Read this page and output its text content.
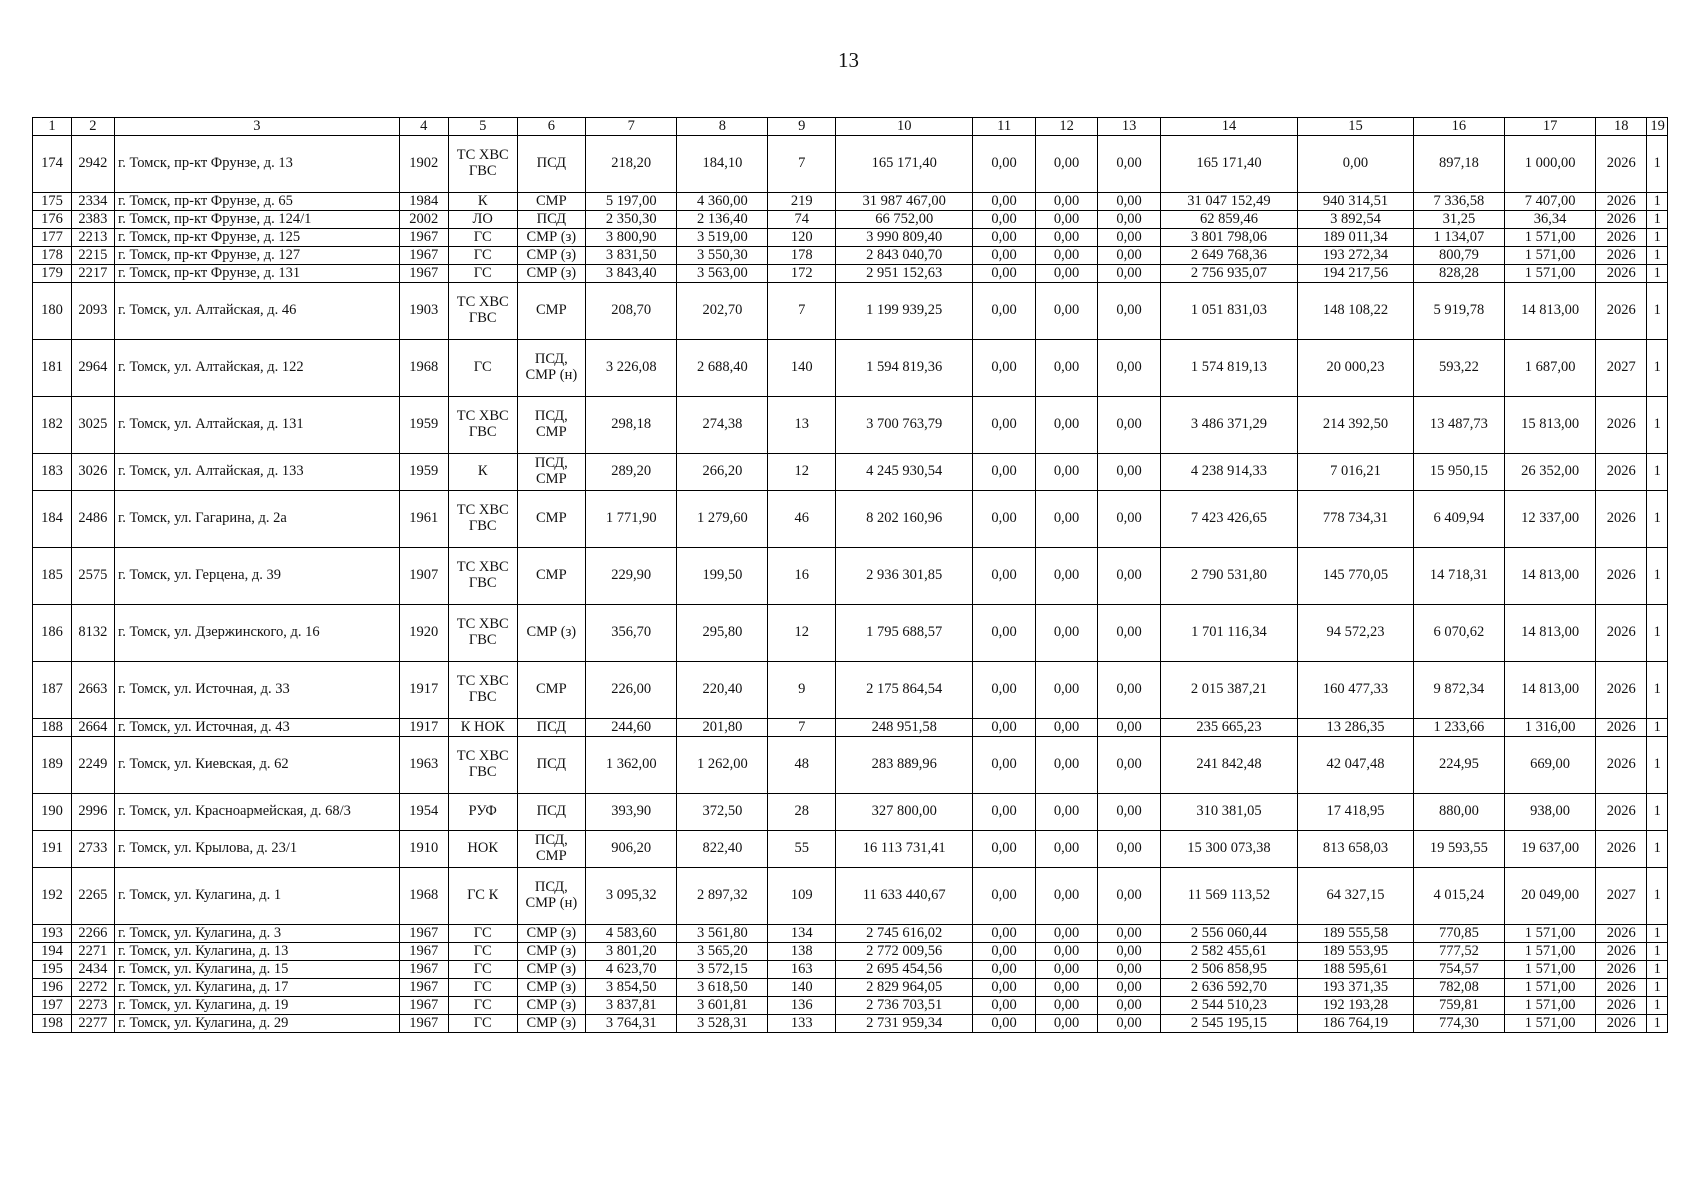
13
1	2	3	4	5	6	7	8	9	10	11	12	13	14	15	16	17	18	19
174	2942	г. Томск, пр-кт Фрунзе, д. 13	1902	ТС ХВС ГВС	ПСД	218,20	184,10	7	165 171,40	0,00	0,00	0,00	165 171,40	0,00	897,18	1 000,00	2026	1
175	2334	г. Томск, пр-кт Фрунзе, д. 65	1984	К	СМР	5 197,00	4 360,00	219	31 987 467,00	0,00	0,00	0,00	31 047 152,49	940 314,51	7 336,58	7 407,00	2026	1
176	2383	г. Томск, пр-кт Фрунзе, д. 124/1	2002	ЛО	ПСД	2 350,30	2 136,40	74	66 752,00	0,00	0,00	0,00	62 859,46	3 892,54	31,25	36,34	2026	1
177	2213	г. Томск, пр-кт Фрунзе, д. 125	1967	ГС	СМР (з)	3 800,90	3 519,00	120	3 990 809,40	0,00	0,00	0,00	3 801 798,06	189 011,34	1 134,07	1 571,00	2026	1
178	2215	г. Томск, пр-кт Фрунзе, д. 127	1967	ГС	СМР (з)	3 831,50	3 550,30	178	2 843 040,70	0,00	0,00	0,00	2 649 768,36	193 272,34	800,79	1 571,00	2026	1
179	2217	г. Томск, пр-кт Фрунзе, д. 131	1967	ГС	СМР (з)	3 843,40	3 563,00	172	2 951 152,63	0,00	0,00	0,00	2 756 935,07	194 217,56	828,28	1 571,00	2026	1
180	2093	г. Томск, ул. Алтайская, д. 46	1903	ТС ХВС ГВС	СМР	208,70	202,70	7	1 199 939,25	0,00	0,00	0,00	1 051 831,03	148 108,22	5 919,78	14 813,00	2026	1
181	2964	г. Томск, ул. Алтайская, д. 122	1968	ГС	ПСД, СМР (н)	3 226,08	2 688,40	140	1 594 819,36	0,00	0,00	0,00	1 574 819,13	20 000,23	593,22	1 687,00	2027	1
182	3025	г. Томск, ул. Алтайская, д. 131	1959	ТС ХВС ГВС	ПСД, СМР	298,18	274,38	13	3 700 763,79	0,00	0,00	0,00	3 486 371,29	214 392,50	13 487,73	15 813,00	2026	1
183	3026	г. Томск, ул. Алтайская, д. 133	1959	К	ПСД, СМР	289,20	266,20	12	4 245 930,54	0,00	0,00	0,00	4 238 914,33	7 016,21	15 950,15	26 352,00	2026	1
184	2486	г. Томск, ул. Гагарина, д. 2а	1961	ТС ХВС ГВС	СМР	1 771,90	1 279,60	46	8 202 160,96	0,00	0,00	0,00	7 423 426,65	778 734,31	6 409,94	12 337,00	2026	1
185	2575	г. Томск, ул. Герцена, д. 39	1907	ТС ХВС ГВС	СМР	229,90	199,50	16	2 936 301,85	0,00	0,00	0,00	2 790 531,80	145 770,05	14 718,31	14 813,00	2026	1
186	8132	г. Томск, ул. Дзержинского, д. 16	1920	ТС ХВС ГВС	СМР (з)	356,70	295,80	12	1 795 688,57	0,00	0,00	0,00	1 701 116,34	94 572,23	6 070,62	14 813,00	2026	1
187	2663	г. Томск, ул. Источная, д. 33	1917	ТС ХВС ГВС	СМР	226,00	220,40	9	2 175 864,54	0,00	0,00	0,00	2 015 387,21	160 477,33	9 872,34	14 813,00	2026	1
188	2664	г. Томск, ул. Источная, д. 43	1917	К НОК	ПСД	244,60	201,80	7	248 951,58	0,00	0,00	0,00	235 665,23	13 286,35	1 233,66	1 316,00	2026	1
189	2249	г. Томск, ул. Киевская, д. 62	1963	ТС ХВС ГВС	ПСД	1 362,00	1 262,00	48	283 889,96	0,00	0,00	0,00	241 842,48	42 047,48	224,95	669,00	2026	1
190	2996	г. Томск, ул. Красноармейская, д. 68/3	1954	РУФ	ПСД	393,90	372,50	28	327 800,00	0,00	0,00	0,00	310 381,05	17 418,95	880,00	938,00	2026	1
191	2733	г. Томск, ул. Крылова, д. 23/1	1910	НОК	ПСД, СМР	906,20	822,40	55	16 113 731,41	0,00	0,00	0,00	15 300 073,38	813 658,03	19 593,55	19 637,00	2026	1
192	2265	г. Томск, ул. Кулагина, д. 1	1968	ГС К	ПСД, СМР (н)	3 095,32	2 897,32	109	11 633 440,67	0,00	0,00	0,00	11 569 113,52	64 327,15	4 015,24	20 049,00	2027	1
193	2266	г. Томск, ул. Кулагина, д. 3	1967	ГС	СМР (з)	4 583,60	3 561,80	134	2 745 616,02	0,00	0,00	0,00	2 556 060,44	189 555,58	770,85	1 571,00	2026	1
194	2271	г. Томск, ул. Кулагина, д. 13	1967	ГС	СМР (з)	3 801,20	3 565,20	138	2 772 009,56	0,00	0,00	0,00	2 582 455,61	189 553,95	777,52	1 571,00	2026	1
195	2434	г. Томск, ул. Кулагина, д. 15	1967	ГС	СМР (з)	4 623,70	3 572,15	163	2 695 454,56	0,00	0,00	0,00	2 506 858,95	188 595,61	754,57	1 571,00	2026	1
196	2272	г. Томск, ул. Кулагина, д. 17	1967	ГС	СМР (з)	3 854,50	3 618,50	140	2 829 964,05	0,00	0,00	0,00	2 636 592,70	193 371,35	782,08	1 571,00	2026	1
197	2273	г. Томск, ул. Кулагина, д. 19	1967	ГС	СМР (з)	3 837,81	3 601,81	136	2 736 703,51	0,00	0,00	0,00	2 544 510,23	192 193,28	759,81	1 571,00	2026	1
198	2277	г. Томск, ул. Кулагина, д. 29	1967	ГС	СМР (з)	3 764,31	3 528,31	133	2 731 959,34	0,00	0,00	0,00	2 545 195,15	186 764,19	774,30	1 571,00	2026	1
